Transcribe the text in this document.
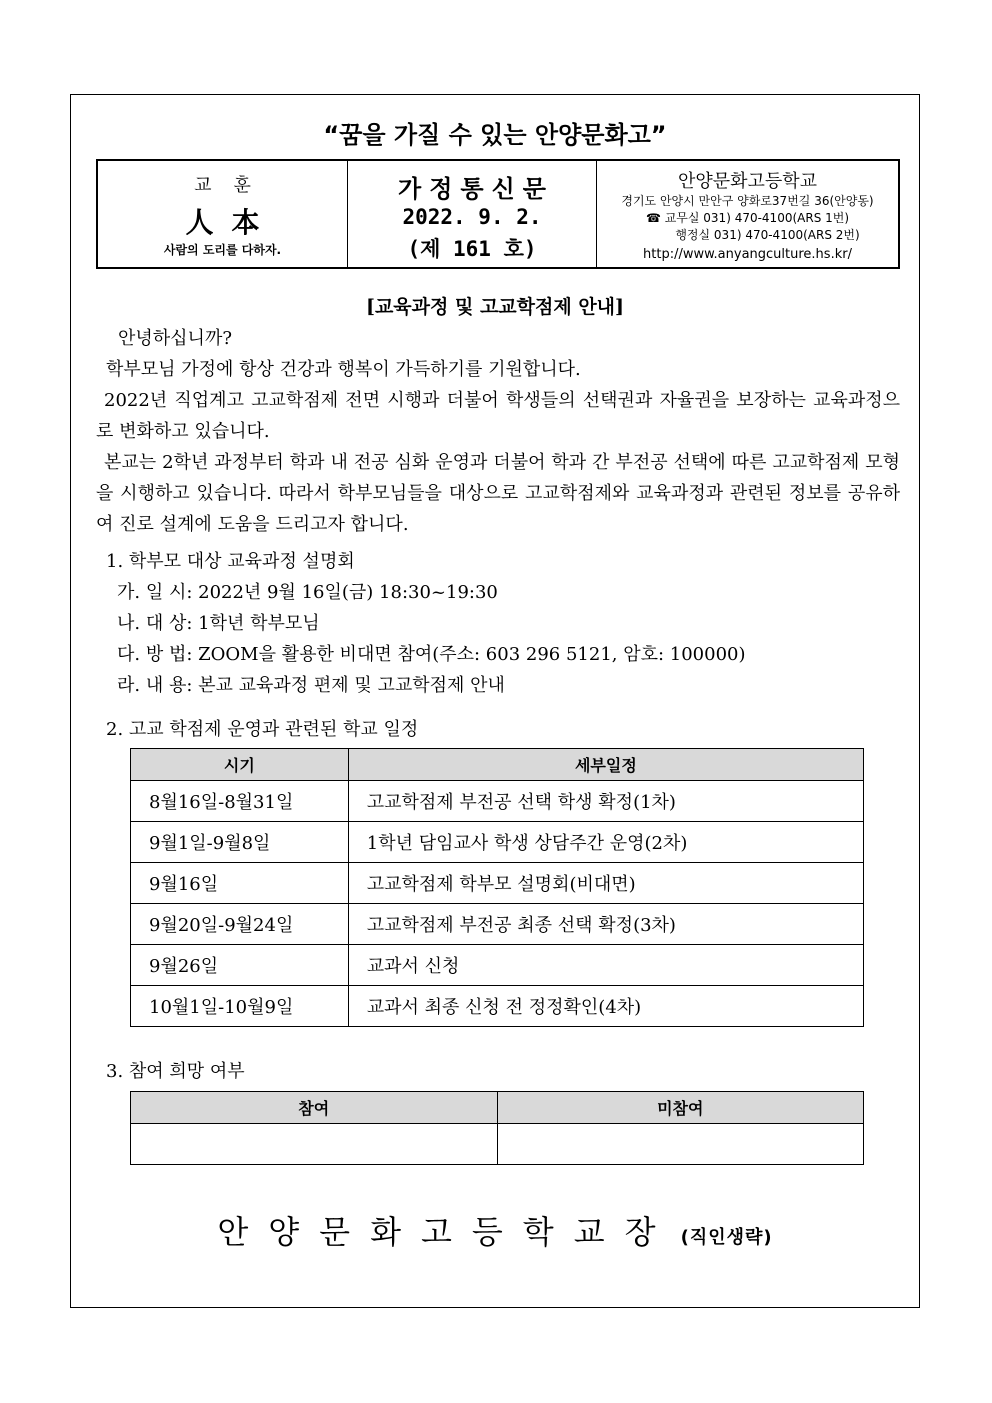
“꿈을 가질 수 있는 안양문화고”
교훈
人本
사람의 도리를 다하자.
가정통신문
2022. 9. 2.
(제 161 호)
안양문화고등학교
경기도 안양시 만안구 양화로37번길 36(안양동)
☎ 교무실 031) 470-4100(ARS 1번)
행정실 031) 470-4100(ARS 2번)
http://www.anyangculture.hs.kr/
[교육과정 및 고교학점제 안내]

안녕하십니까?

학부모님 가정에 항상 건강과 행복이 가득하기를 기원합니다.

2022년 직업계고 고교학점제 전면 시행과 더불어 학생들의 선택권과 자율권을 보장하는 교육과정으로 변화하고 있습니다.

본교는 2학년 과정부터 학과 내 전공 심화 운영과 더불어 학과 간 부전공 선택에 따른 고교학점제 모형을 시행하고 있습니다. 따라서 학부모님들을 대상으로 고교학점제와 교육과정과 관련된 정보를 공유하여 진로 설계에 도움을 드리고자 합니다.

1. 학부모 대상 교육과정 설명회
가. 일 시: 2022년 9월 16일(금) 18:30~19:30
나. 대 상: 1학년 학부모님
다. 방 법: ZOOM을 활용한 비대면 참여(주소: 603 296 5121, 암호: 100000)
라. 내 용: 본교 교육과정 편제 및 고교학점제 안내
2. 고교 학점제 운영과 관련된 학교 일정
시기	세부일정
8월16일-8월31일	고교학점제 부전공 선택 학생 확정(1차)
9월1일-9월8일	1학년 담임교사 학생 상담주간 운영(2차)
9월16일	고교학점제 학부모 설명회(비대면)
9월20일-9월24일	고교학점제 부전공 최종 선택 확정(3차)
9월26일	교과서 신청
10월1일-10월9일	교과서 최종 신청 전 정정확인(4차)
3. 참여 희망 여부
참여	미참여

안양문화고등학교장 (직인생략)
